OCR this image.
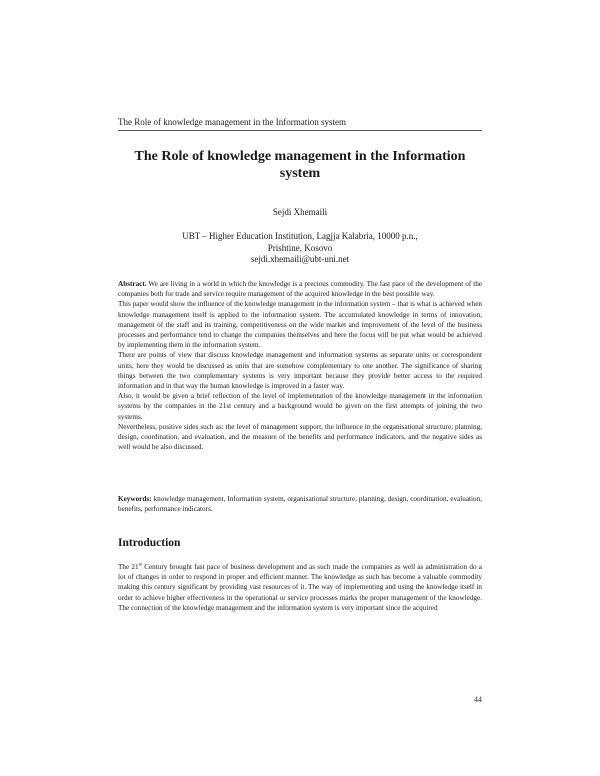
The Role of knowledge management in the Information system
The Role of knowledge management in the Information system
Sejdi Xhemaili
UBT – Higher Education Institution, Lagjja Kalabria, 10000 p.n.,
Prishtine, Kosovo
sejdi.xhemaili@ubt-uni.net

Abstract. We are living in a world in which the knowledge is a precious commodity. The fast pace of the development of the companies both for trade and service require management of the acquired knowledge in the best possible way.

This paper would show the influence of the knowledge management in the information system – that is what is achieved when knowledge management itself is applied to the information system. The accumulated knowledge in terms of innovation, management of the staff and its training, competitiveness on the wide market and improvement of the level of the business processes and performance tend to change the companies themselves and here the focus will be put what would be achieved by implementing them in the information system.

There are points of view that discuss knowledge management and information systems as separate units or correspondent units, here they would be discussed as units that are somehow complementary to one another. The significance of sharing things between the two complementary systems is very important because they provide better access to the required information and in that way the human knowledge is improved in a faster way.

Also, it would be given a brief reflection of the level of implementation of the knowledge management in the information systems by the companies in the 21st century and a background would be given on the first attempts of joining the two systems.

Nevertheless, positive sides such as: the level of management support, the influence in the organisational structure, planning, design, coordination, and evaluation, and the measure of the benefits and performance indicators, and the negative sides as well would be also discussed.

Keywords: knowledge management, Information system, organisational structure, planning, design, coordination, evaluation, benefits, performance indicators.

Introduction

The 21st Century brought fast pace of business development and as such made the companies as well as administration do a lot of changes in order to respond in proper and efficient manner. The knowledge as such has become a valuable commodity making this century significant by providing vast resources of it. The way of implementing and using the knowledge itself in order to achieve higher effectiveness in the operational or service processes marks the proper management of the knowledge. The connection of the knowledge management and the information system is very important since the acquired

44
